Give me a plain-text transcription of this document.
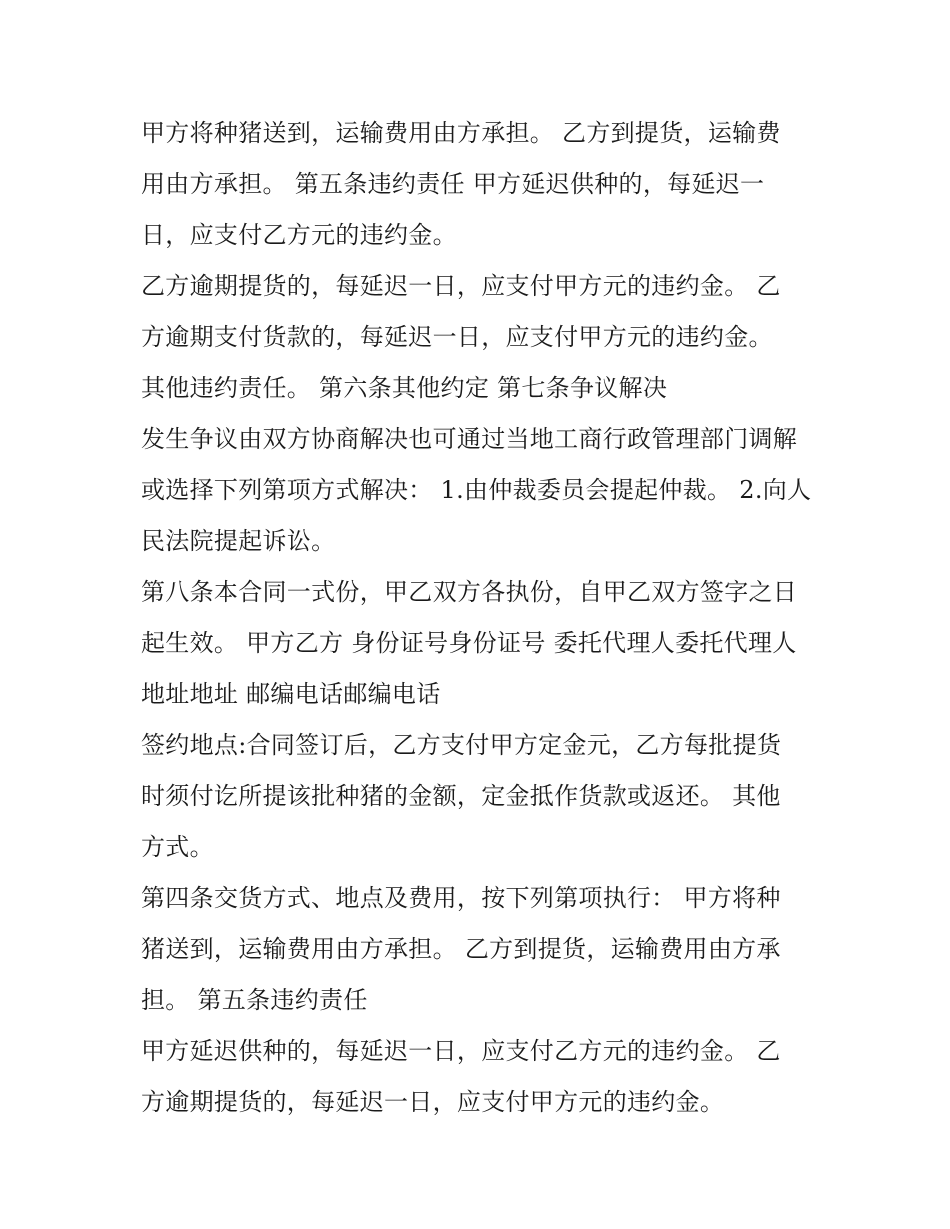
甲方将种猪送到，运输费用由方承担。 乙方到提货，运输费
用由方承担。 第五条违约责任 甲方延迟供种的，每延迟一
日，应支付乙方元的违约金。
乙方逾期提货的，每延迟一日，应支付甲方元的违约金。 乙
方逾期支付货款的，每延迟一日，应支付甲方元的违约金。
其他违约责任。 第六条其他约定 第七条争议解决
发生争议由双方协商解决也可通过当地工商行政管理部门调解
或选择下列第项方式解决： 1.由仲裁委员会提起仲裁。 2.向人
民法院提起诉讼。
第八条本合同一式份，甲乙双方各执份，自甲乙双方签字之日
起生效。 甲方乙方 身份证号身份证号 委托代理人委托代理人
地址地址 邮编电话邮编电话
签约地点:合同签订后，乙方支付甲方定金元，乙方每批提货
时须付讫所提该批种猪的金额，定金抵作货款或返还。 其他
方式。
第四条交货方式、地点及费用，按下列第项执行： 甲方将种
猪送到，运输费用由方承担。 乙方到提货，运输费用由方承
担。 第五条违约责任
甲方延迟供种的，每延迟一日，应支付乙方元的违约金。 乙
方逾期提货的，每延迟一日，应支付甲方元的违约金。
